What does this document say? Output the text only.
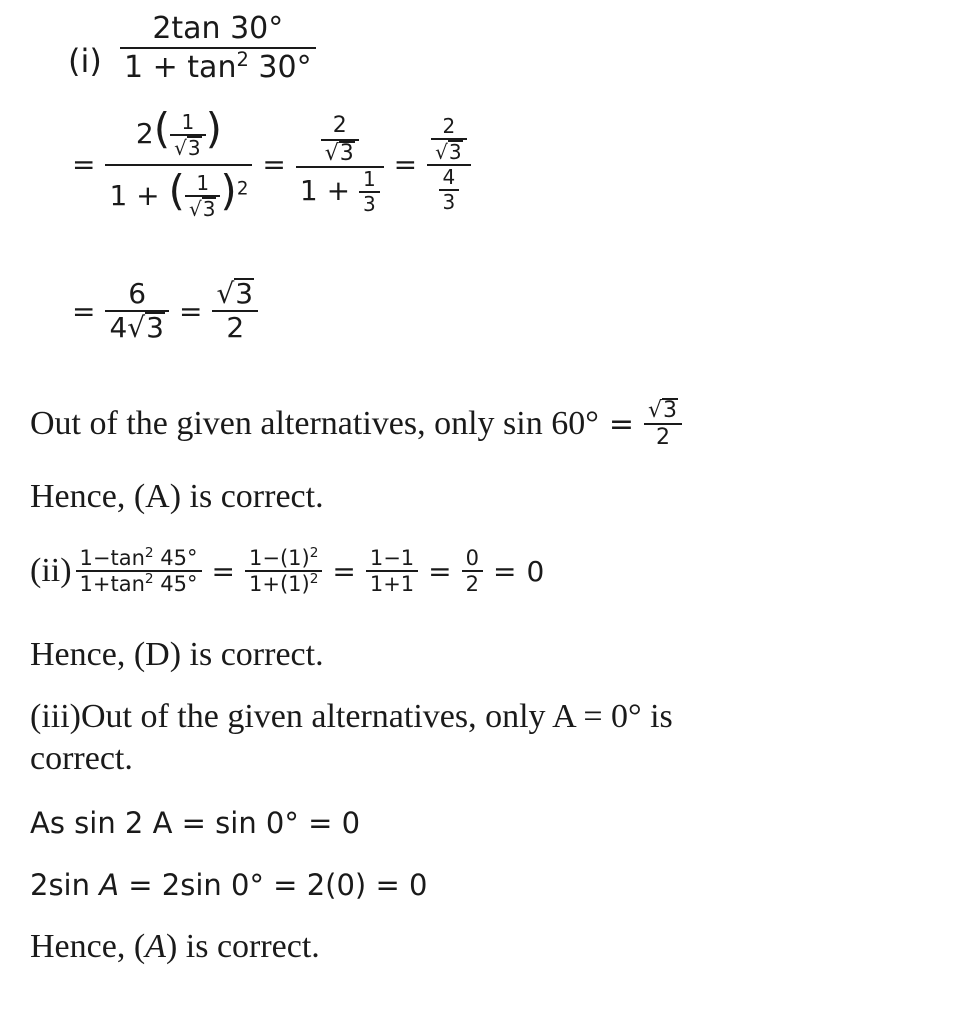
$(i) \frac{2\tan 30^\circ}{1 + \tan^2 30^\circ}$
= $\frac{2( \frac{1}{√3} )}{1 + ( \frac{1}{√3} )^2} = \frac{\frac{2}{√3}}{1 + \frac{1}{3}} = \frac{\frac{2}{√3}}{\frac{4}{3}}$
= $\frac{6}{4√3} = \frac{√3}{2}$
Out of the given alternatives, only $\sin 60^\circ = \frac{√3}{2}$
Hence, (A) is correct.
$(ii) \frac{1-\tan^2 45^\circ}{1+\tan^2 45^\circ} = \frac{1-(1)^2}{1+(1)^2} = \frac{1-1}{1+1} = \frac{0}{2} = 0$
Hence, (D) is correct.
(iii)Out of the given alternatives, only A = 0° is
correct.
As sin 2 A = sin 0° = 0
2sin A = 2sin 0° = 2(0) = 0
Hence, (A) is correct.
